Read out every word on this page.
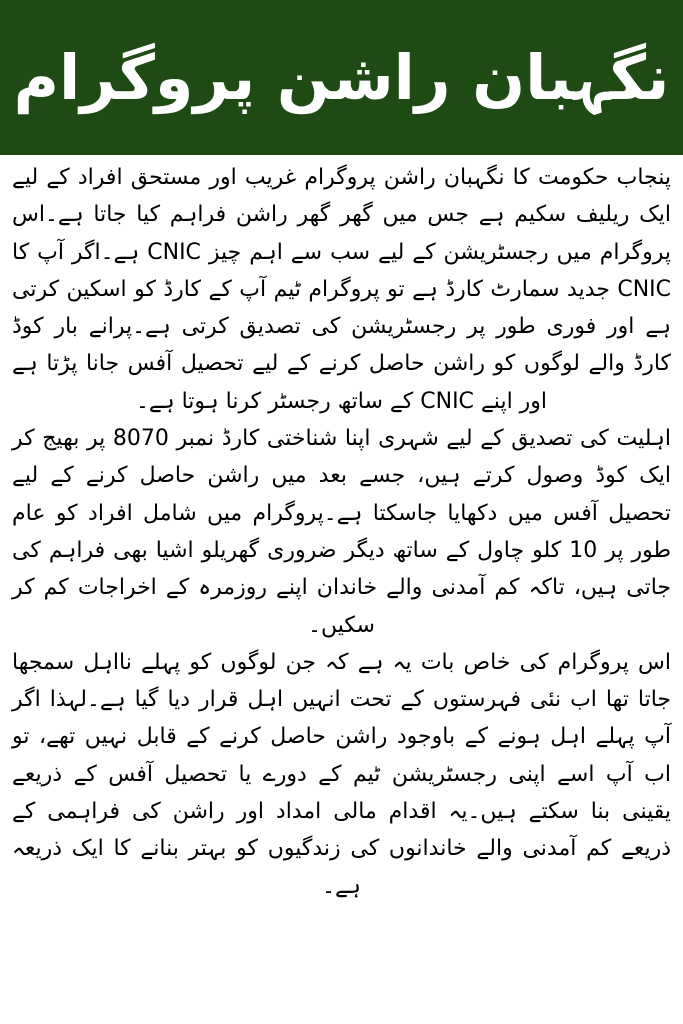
نگہبان راشن پروگرام

پنجاب حکومت کا نگہبان راشن پروگرام غریب اور مستحق افراد کے لیے ایک ریلیف سکیم ہے جس میں گھر گھر راشن فراہم کیا جاتا ہے۔اس پروگرام میں رجسٹریشن کے لیے سب سے اہم چیز CNIC ہے۔اگر آپ کا CNIC جدید سمارٹ کارڈ ہے تو پروگرام ٹیم آپ کے کارڈ کو اسکین کرتی ہے اور فوری طور پر رجسٹریشن کی تصدیق کرتی ہے۔پرانے بار کوڈ کارڈ والے لوگوں کو راشن حاصل کرنے کے لیے تحصیل آفس جانا پڑتا ہے اور اپنے CNIC کے ساتھ رجسٹر کرنا ہوتا ہے۔

اہلیت کی تصدیق کے لیے شہری اپنا شناختی کارڈ نمبر 8070 پر بھیج کر ایک کوڈ وصول کرتے ہیں، جسے بعد میں راشن حاصل کرنے کے لیے تحصیل آفس میں دکھایا جاسکتا ہے۔پروگرام میں شامل افراد کو عام طور پر 10 کلو چاول کے ساتھ دیگر ضروری گھریلو اشیا بھی فراہم کی جاتی ہیں، تاکہ کم آمدنی والے خاندان اپنے روزمرہ کے اخراجات کم کر سکیں۔

اس پروگرام کی خاص بات یہ ہے کہ جن لوگوں کو پہلے نااہل سمجھا جاتا تھا اب نئی فہرستوں کے تحت انہیں اہل قرار دیا گیا ہے۔لہذا اگر آپ پہلے اہل ہونے کے باوجود راشن حاصل کرنے کے قابل نہیں تھے، تو اب آپ اسے اپنی رجسٹریشن ٹیم کے دورے یا تحصیل آفس کے ذریعے یقینی بنا سکتے ہیں۔یہ اقدام مالی امداد اور راشن کی فراہمی کے ذریعے کم آمدنی والے خاندانوں کی زندگیوں کو بہتر بنانے کا ایک ذریعہ ہے۔
